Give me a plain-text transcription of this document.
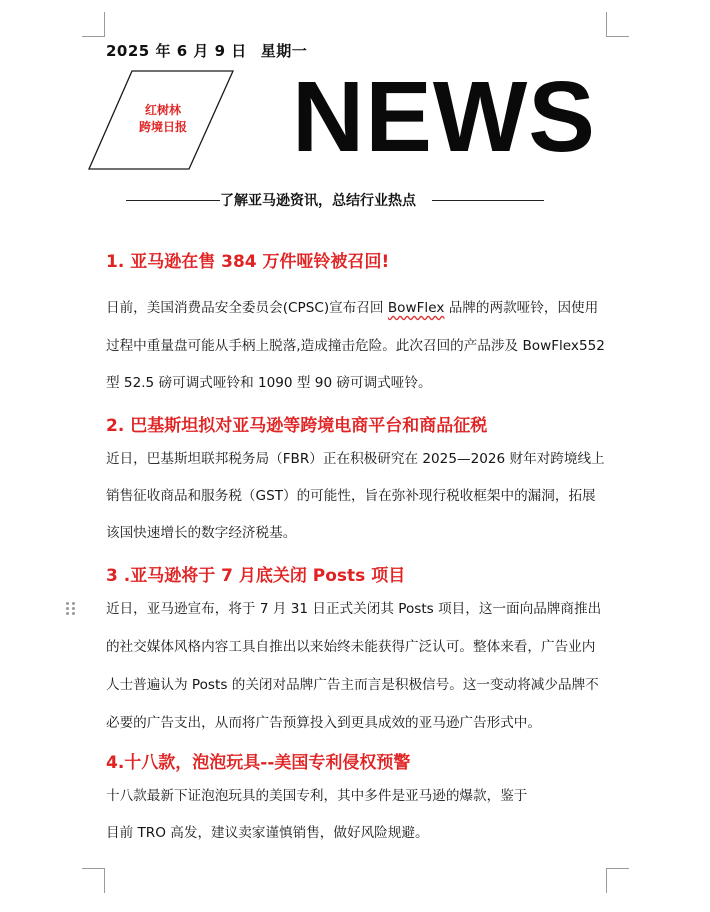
2025 年 6 月 9 日 星期一
红树林
跨境日报 NEWS
了解亚马逊资讯，总结行业热点
1. 亚马逊在售 384 万件哑铃被召回!
日前，美国消费品安全委员会(CPSC)宣布召回 BowFlex 品牌的两款哑铃，因使用
过程中重量盘可能从手柄上脱落,造成撞击危险。此次召回的产品涉及 BowFlex552
型 52.5 磅可调式哑铃和 1090 型 90 磅可调式哑铃。
2. 巴基斯坦拟对亚马逊等跨境电商平台和商品征税
近日，巴基斯坦联邦税务局（FBR）正在积极研究在 2025—2026 财年对跨境线上
销售征收商品和服务税（GST）的可能性，旨在弥补现行税收框架中的漏洞，拓展
该国快速增长的数字经济税基。
3 .亚马逊将于 7 月底关闭 Posts 项目
近日，亚马逊宣布，将于 7 月 31 日正式关闭其 Posts 项目，这一面向品牌商推出
的社交媒体风格内容工具自推出以来始终未能获得广泛认可。整体来看，广告业内
人士普遍认为 Posts 的关闭对品牌广告主而言是积极信号。这一变动将减少品牌不
必要的广告支出，从而将广告预算投入到更具成效的亚马逊广告形式中。
4.十八款，泡泡玩具--美国专利侵权预警
十八款最新下证泡泡玩具的美国专利，其中多件是亚马逊的爆款，鉴于
目前 TRO 高发，建议卖家谨慎销售，做好风险规避。
